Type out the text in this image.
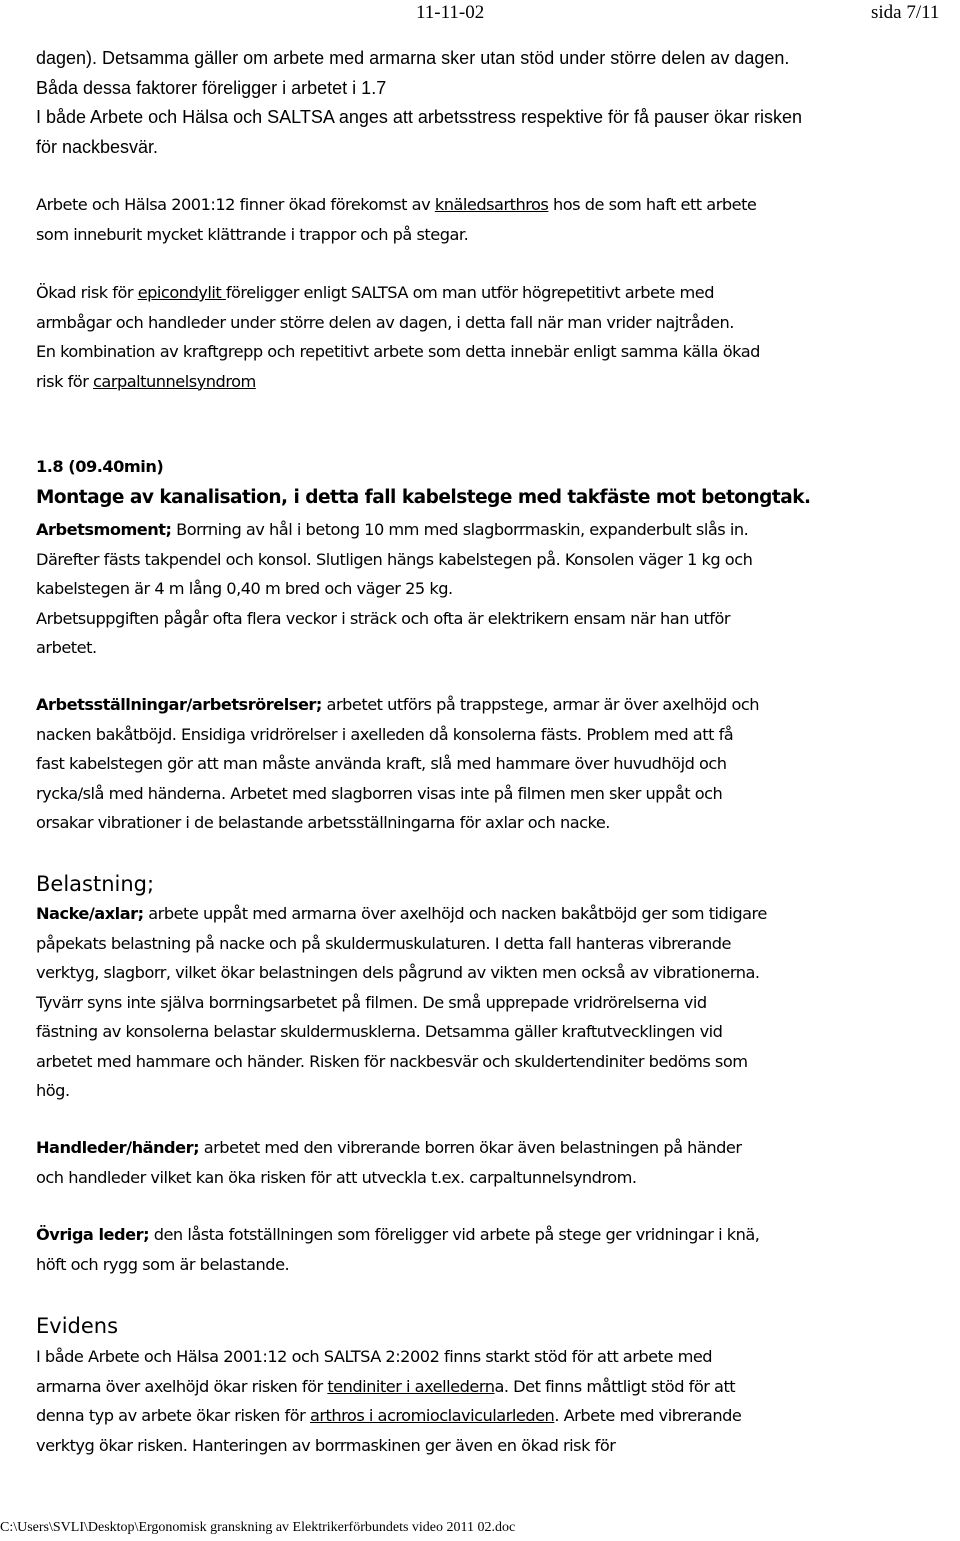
11-11-02	sida 7/11

dagen). Detsamma gäller om arbete med armarna sker utan stöd under större delen av dagen.

Båda dessa faktorer föreligger i arbetet i 1.7

I både Arbete och Hälsa och SALTSA anges att arbetsstress respektive för få pauser ökar risken

för nackbesvär.

Arbete och Hälsa 2001:12 finner ökad förekomst av knäledsarthros hos de som haft ett arbete

som inneburit mycket klättrande i trappor och på stegar.

Ökad risk för epicondylit föreligger enligt SALTSA om man utför högrepetitivt arbete med

armbågar och handleder under större delen av dagen, i detta fall när man vrider najtråden.

En kombination av kraftgrepp och repetitivt arbete som detta innebär enligt samma källa ökad

risk för carpaltunnelsyndrom

1.8 (09.40min)
Montage av kanalisation, i detta fall kabelstege med takfäste mot betongtak.

Arbetsmoment; Borrning av hål i betong 10 mm med slagborrmaskin, expanderbult slås in.

Därefter fästs takpendel och konsol. Slutligen hängs kabelstegen på. Konsolen väger 1 kg och

kabelstegen är 4 m lång 0,40 m bred och väger 25 kg.

Arbetsuppgiften pågår ofta flera veckor i sträck och ofta är elektrikern ensam när han utför

arbetet.

Arbetsställningar/arbetsrörelser; arbetet utförs på trappstege, armar är över axelhöjd och

nacken bakåtböjd. Ensidiga vridrörelser i axelleden då konsolerna fästs. Problem med att få

fast kabelstegen gör att man måste använda kraft, slå med hammare över huvudhöjd och

rycka/slå med händerna. Arbetet med slagborren visas inte på filmen men sker uppåt och

orsakar vibrationer i de belastande arbetsställningarna för axlar och nacke.

Belastning;

Nacke/axlar; arbete uppåt med armarna över axelhöjd och nacken bakåtböjd ger som tidigare

påpekats belastning på nacke och på skuldermuskulaturen. I detta fall hanteras vibrerande

verktyg, slagborr, vilket ökar belastningen dels pågrund av vikten men också av vibrationerna.

Tyvärr syns inte själva borrningsarbetet på filmen. De små upprepade vridrörelserna vid

fästning av konsolerna belastar skuldermusklerna. Detsamma gäller kraftutvecklingen vid

arbetet med hammare och händer. Risken för nackbesvär och skuldertendiniter bedöms som

hög.

Handleder/händer; arbetet med den vibrerande borren ökar även belastningen på händer

och handleder vilket kan öka risken för att utveckla t.ex. carpaltunnelsyndrom.

Övriga leder; den låsta fotställningen som föreligger vid arbete på stege ger vridningar i knä,

höft och rygg som är belastande.

Evidens

I både Arbete och Hälsa 2001:12 och SALTSA 2:2002 finns starkt stöd för att arbete med

armarna över axelhöjd ökar risken för tendiniter i axellederna. Det finns måttligt stöd för att

denna typ av arbete ökar risken för arthros i acromioclavicularleden. Arbete med vibrerande

verktyg ökar risken. Hanteringen av borrmaskinen ger även en ökad risk för

C:\Users\SVLI\Desktop\Ergonomisk granskning av Elektrikerförbundets video 2011 02.doc
